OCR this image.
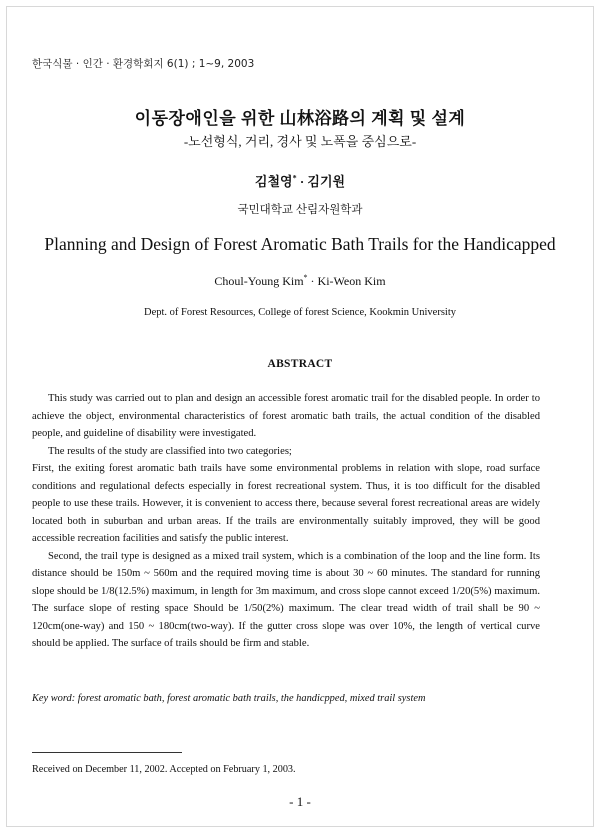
한국식물 · 인간 · 환경학회지 6(1) ; 1~9, 2003
이동장애인을 위한 山林浴路의 계획 및 설계
-노선형식, 거리, 경사 및 노폭을 중심으로-
김철영* · 김기원
국민대학교 산림자원학과
Planning and Design of Forest Aromatic Bath Trails for the Handicapped
Choul-Young Kim* · Ki-Weon Kim
Dept. of Forest Resources, College of forest Science, Kookmin University
ABSTRACT

This study was carried out to plan and design an accessible forest aromatic trail for the disabled people. In order to achieve the object, environmental characteristics of forest aromatic bath trails, the actual condition of the disabled people, and guideline of disability were investigated.

The results of the study are classified into two categories;

First, the exiting forest aromatic bath trails have some environmental problems in relation with slope, road surface conditions and regulational defects especially in forest recreational system. Thus, it is too difficult for the disabled people to use these trails. However, it is convenient to access there, because several forest recreational areas are widely located both in suburban and urban areas. If the trails are environmentally suitably improved, they will be good accessible recreation facilities and satisfy the public interest.

Second, the trail type is designed as a mixed trail system, which is a combination of the loop and the line form. Its distance should be 150m ~ 560m and the required moving time is about 30 ~ 60 minutes. The standard for running slope should be 1/8(12.5%) maximum, in length for 3m maximum, and cross slope cannot exceed 1/20(5%) maximum. The surface slope of resting space Should be 1/50(2%) maximum. The clear tread width of trail shall be 90 ~ 120cm(one-way) and 150 ~ 180cm(two-way). If the gutter cross slope was over 10%, the length of vertical curve should be applied. The surface of trails should be firm and stable.

Key word: forest aromatic bath, forest aromatic bath trails, the handicpped, mixed trail system
Received on December 11, 2002. Accepted on February 1, 2003.
- 1 -
